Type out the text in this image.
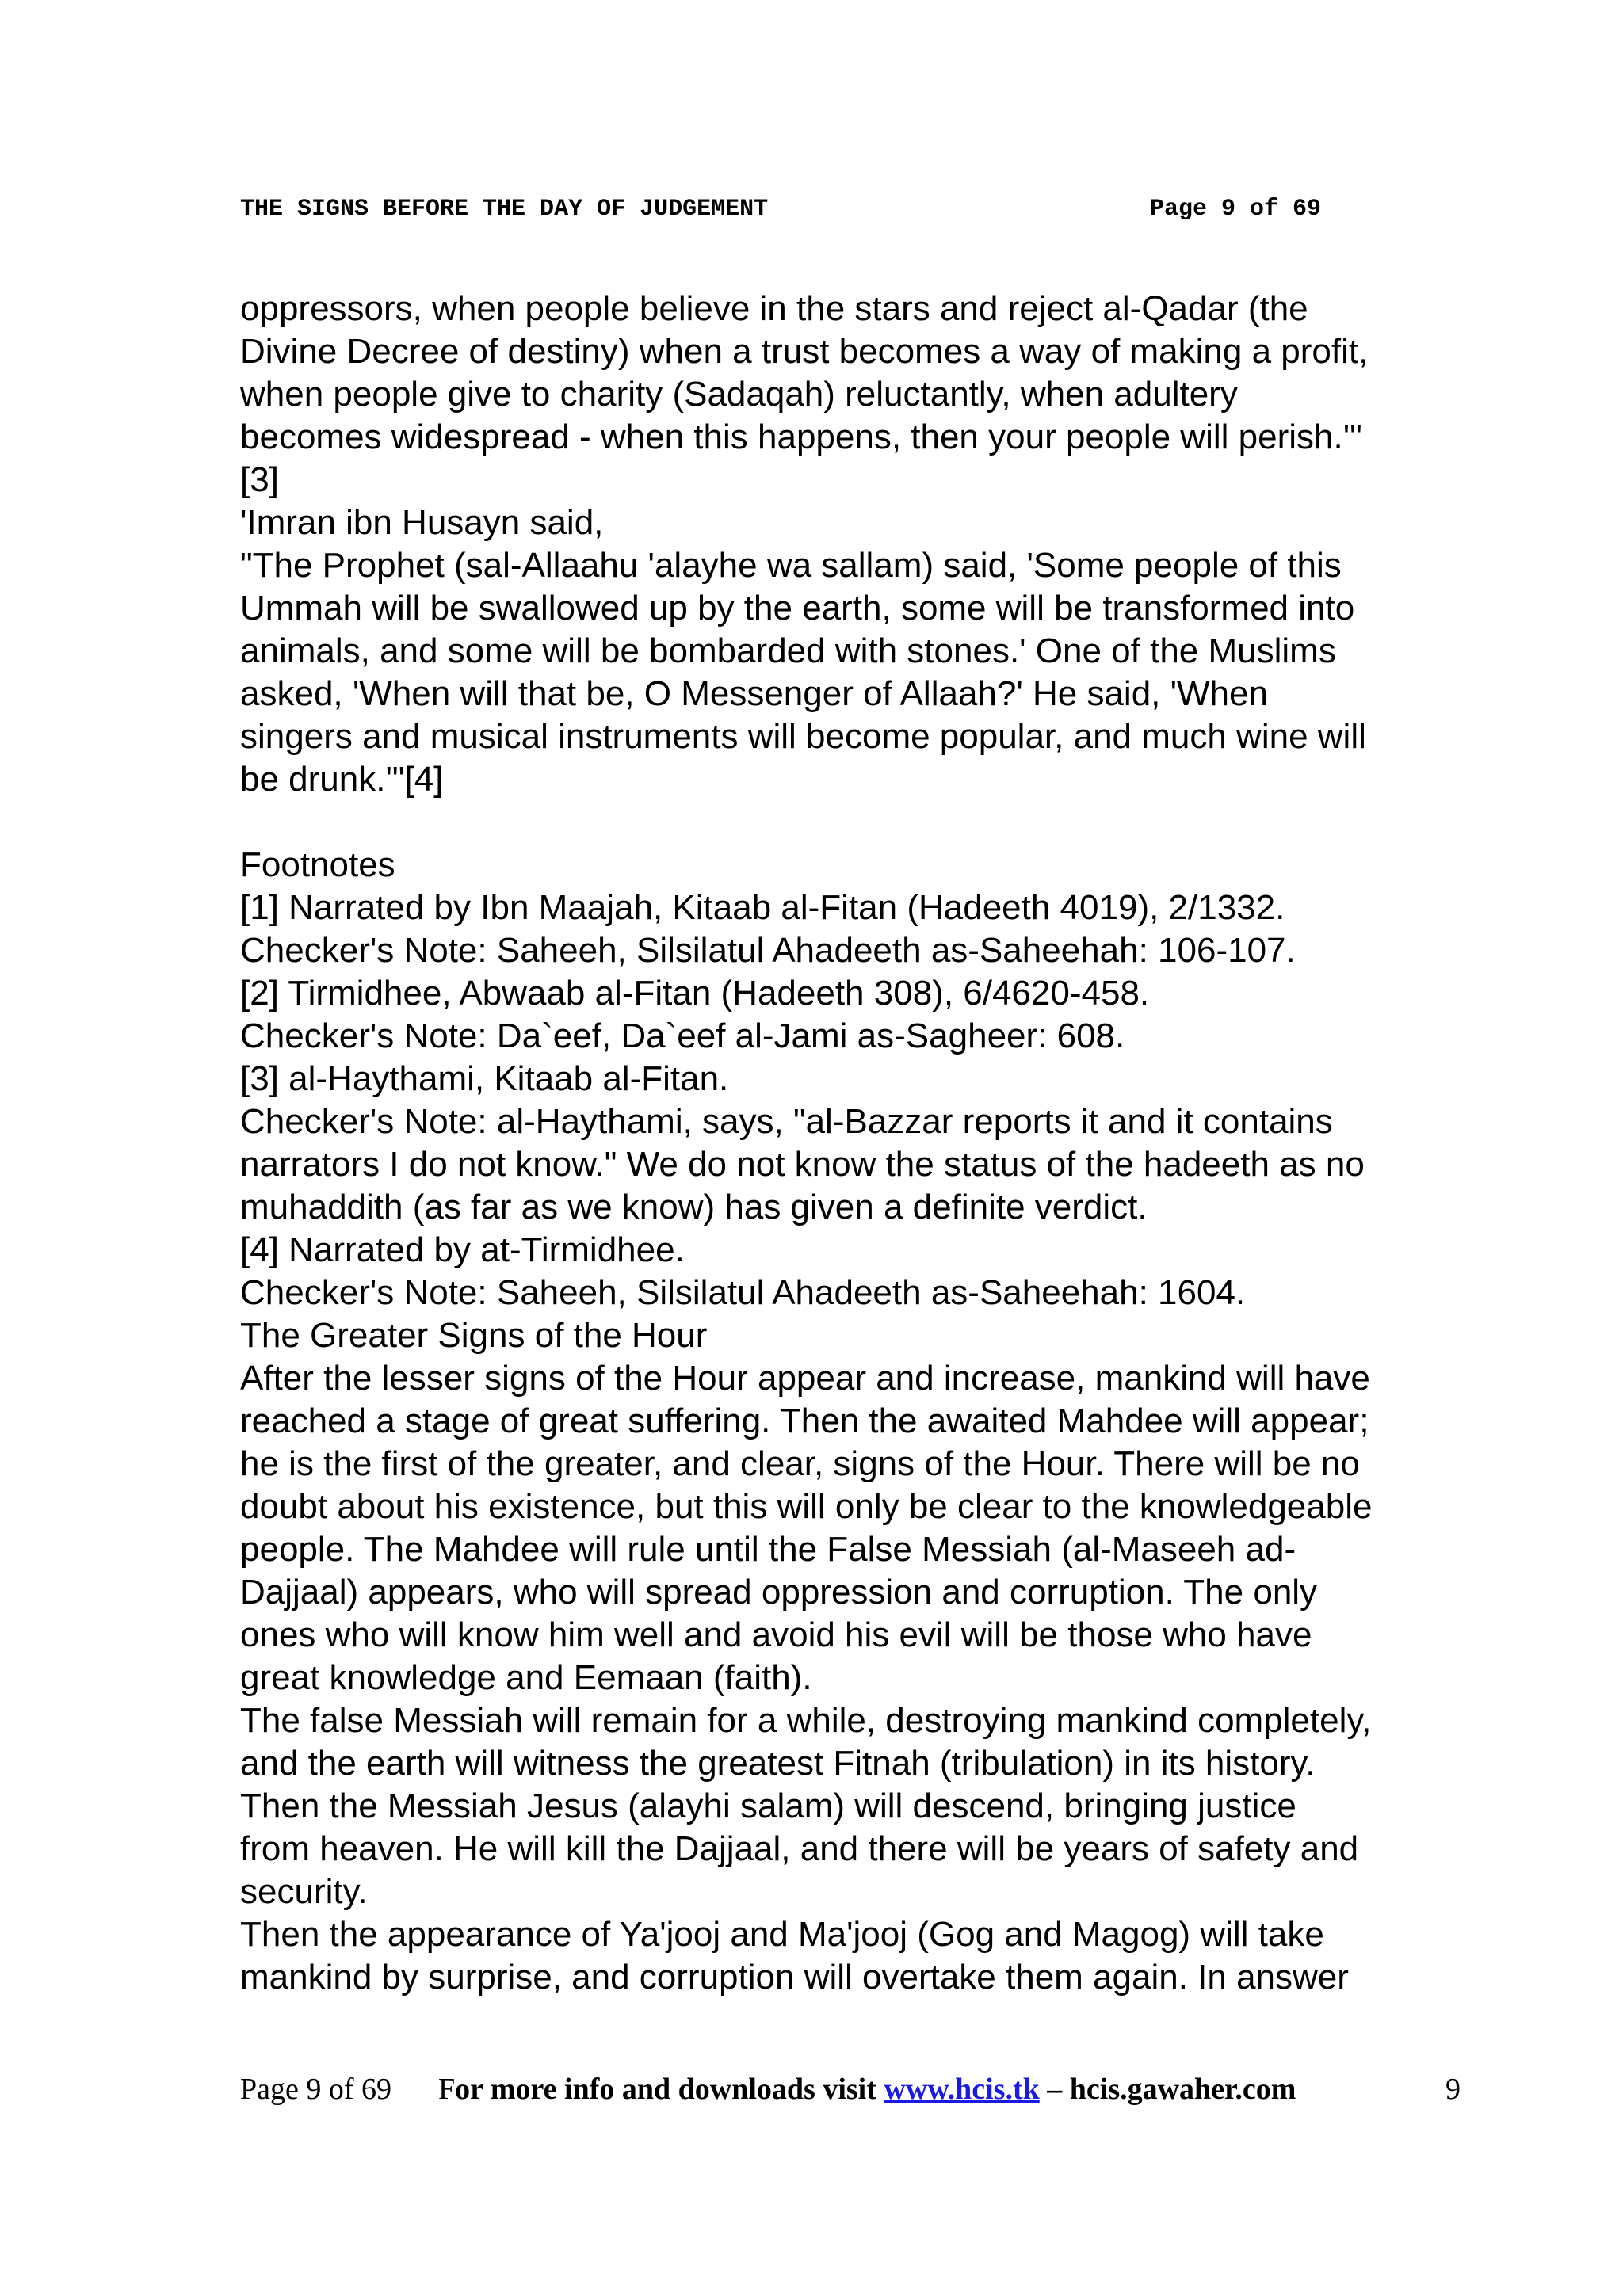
THE SIGNS BEFORE THE DAY OF JUDGEMENT	Page 9 of 69
oppressors, when people believe in the stars and reject al-Qadar (the
Divine Decree of destiny) when a trust becomes a way of making a profit,
when people give to charity (Sadaqah) reluctantly, when adultery
becomes widespread - when this happens, then your people will perish.'"
[3]
'Imran ibn Husayn said,
"The Prophet (sal-Allaahu 'alayhe wa sallam) said, 'Some people of this
Ummah will be swallowed up by the earth, some will be transformed into
animals, and some will be bombarded with stones.' One of the Muslims
asked, 'When will that be, O Messenger of Allaah?' He said, 'When
singers and musical instruments will become popular, and much wine will
be drunk.'"[4]
Footnotes
[1] Narrated by Ibn Maajah, Kitaab al-Fitan (Hadeeth 4019), 2/1332.
Checker's Note: Saheeh, Silsilatul Ahadeeth as-Saheehah: 106-107.
[2] Tirmidhee, Abwaab al-Fitan (Hadeeth 308), 6/4620-458.
Checker's Note: Da`eef, Da`eef al-Jami as-Sagheer: 608.
[3] al-Haythami, Kitaab al-Fitan.
Checker's Note: al-Haythami, says, "al-Bazzar reports it and it contains
narrators I do not know." We do not know the status of the hadeeth as no
muhaddith (as far as we know) has given a definite verdict.
[4] Narrated by at-Tirmidhee.
Checker's Note: Saheeh, Silsilatul Ahadeeth as-Saheehah: 1604.
The Greater Signs of the Hour
After the lesser signs of the Hour appear and increase, mankind will have
reached a stage of great suffering. Then the awaited Mahdee will appear;
he is the first of the greater, and clear, signs of the Hour. There will be no
doubt about his existence, but this will only be clear to the knowledgeable
people. The Mahdee will rule until the False Messiah (al-Maseeh ad-
Dajjaal) appears, who will spread oppression and corruption. The only
ones who will know him well and avoid his evil will be those who have
great knowledge and Eemaan (faith).
The false Messiah will remain for a while, destroying mankind completely,
and the earth will witness the greatest Fitnah (tribulation) in its history.
Then the Messiah Jesus (alayhi salam) will descend, bringing justice
from heaven. He will kill the Dajjaal, and there will be years of safety and
security.
Then the appearance of Ya'jooj and Ma'jooj (Gog and Magog) will take
mankind by surprise, and corruption will overtake them again. In answer
Page 9 of 69 For more info and downloads visit www.hcis.tk – hcis.gawaher.com	9
